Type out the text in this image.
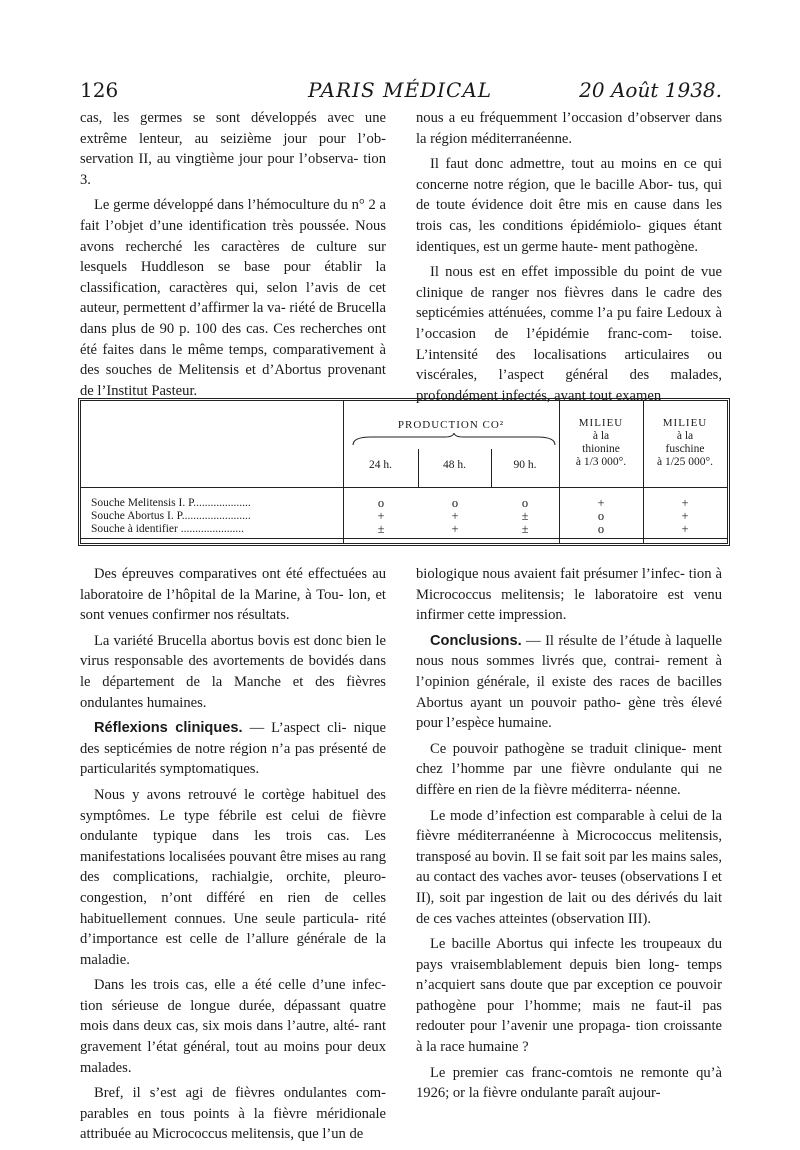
126	PARIS MÉDICAL	20 Août 1938.

cas, les germes se sont développés avec une extrême lenteur, au seizième jour pour l’ob- servation II, au vingtième jour pour l’observa- tion 3.

Le germe développé dans l’hémoculture du n° 2 a fait l’objet d’une identification très poussée. Nous avons recherché les caractères de culture sur lesquels Huddleson se base pour établir la classification, caractères qui, selon l’avis de cet auteur, permettent d’affirmer la va- riété de Brucella dans plus de 90 p. 100 des cas. Ces recherches ont été faites dans le même temps, comparativement à des souches de Melitensis et d’Abortus provenant de l’Institut Pasteur.

nous a eu fréquemment l’occasion d’observer dans la région méditerranéenne.

Il faut donc admettre, tout au moins en ce qui concerne notre région, que le bacille Abor- tus, qui de toute évidence doit être mis en cause dans les trois cas, les conditions épidémiolo- giques étant identiques, est un germe haute- ment pathogène.

Il nous est en effet impossible du point de vue clinique de ranger nos fièvres dans le cadre des septicémies atténuées, comme l’a pu faire Ledoux à l’occasion de l’épidémie franc-com- toise. L’intensité des localisations articulaires ou viscérales, l’aspect général des malades, profondément infectés, avant tout examen

PRODUCTION CO²
24 h.	48 h.	90 h.
MILIEU
à la
thionine
à 1/3 000°.
MILIEU
à la
fuschine
à 1/25 000°.
Souche Melitensis I. P....................	o	o	o	+	+
Souche Abortus I. P........................	+	+	±	o	+
Souche à identifier ......................	±	+	±	o	+

Des épreuves comparatives ont été effectuées au laboratoire de l’hôpital de la Marine, à Tou- lon, et sont venues confirmer nos résultats.

La variété Brucella abortus bovis est donc bien le virus responsable des avortements de bovidés dans le département de la Manche et des fièvres ondulantes humaines.

Réflexions cliniques. — L’aspect cli- nique des septicémies de notre région n’a pas présenté de particularités symptomatiques.

Nous y avons retrouvé le cortège habituel des symptômes. Le type fébrile est celui de fièvre ondulante typique dans les trois cas. Les manifestations localisées pouvant être mises au rang des complications, rachialgie, orchite, pleuro-congestion, n’ont différé en rien de celles habituellement connues. Une seule particula- rité d’importance est celle de l’allure générale de la maladie.

Dans les trois cas, elle a été celle d’une infec- tion sérieuse de longue durée, dépassant quatre mois dans deux cas, six mois dans l’autre, alté- rant gravement l’état général, tout au moins pour deux malades.

Bref, il s’est agi de fièvres ondulantes com- parables en tous points à la fièvre méridionale attribuée au Micrococcus melitensis, que l’un de

biologique nous avaient fait présumer l’infec- tion à Micrococcus melitensis; le laboratoire est venu infirmer cette impression.

Conclusions. — Il résulte de l’étude à laquelle nous nous sommes livrés que, contrai- rement à l’opinion générale, il existe des races de bacilles Abortus ayant un pouvoir patho- gène très élevé pour l’espèce humaine.

Ce pouvoir pathogène se traduit clinique- ment chez l’homme par une fièvre ondulante qui ne diffère en rien de la fièvre méditerra- néenne.

Le mode d’infection est comparable à celui de la fièvre méditerranéenne à Micrococcus melitensis, transposé au bovin. Il se fait soit par les mains sales, au contact des vaches avor- teuses (observations I et II), soit par ingestion de lait ou des dérivés du lait de ces vaches atteintes (observation III).

Le bacille Abortus qui infecte les troupeaux du pays vraisemblablement depuis bien long- temps n’acquiert sans doute que par exception ce pouvoir pathogène pour l’homme; mais ne faut-il pas redouter pour l’avenir une propaga- tion croissante à la race humaine ?

Le premier cas franc-comtois ne remonte qu’à 1926; or la fièvre ondulante paraît aujour-
